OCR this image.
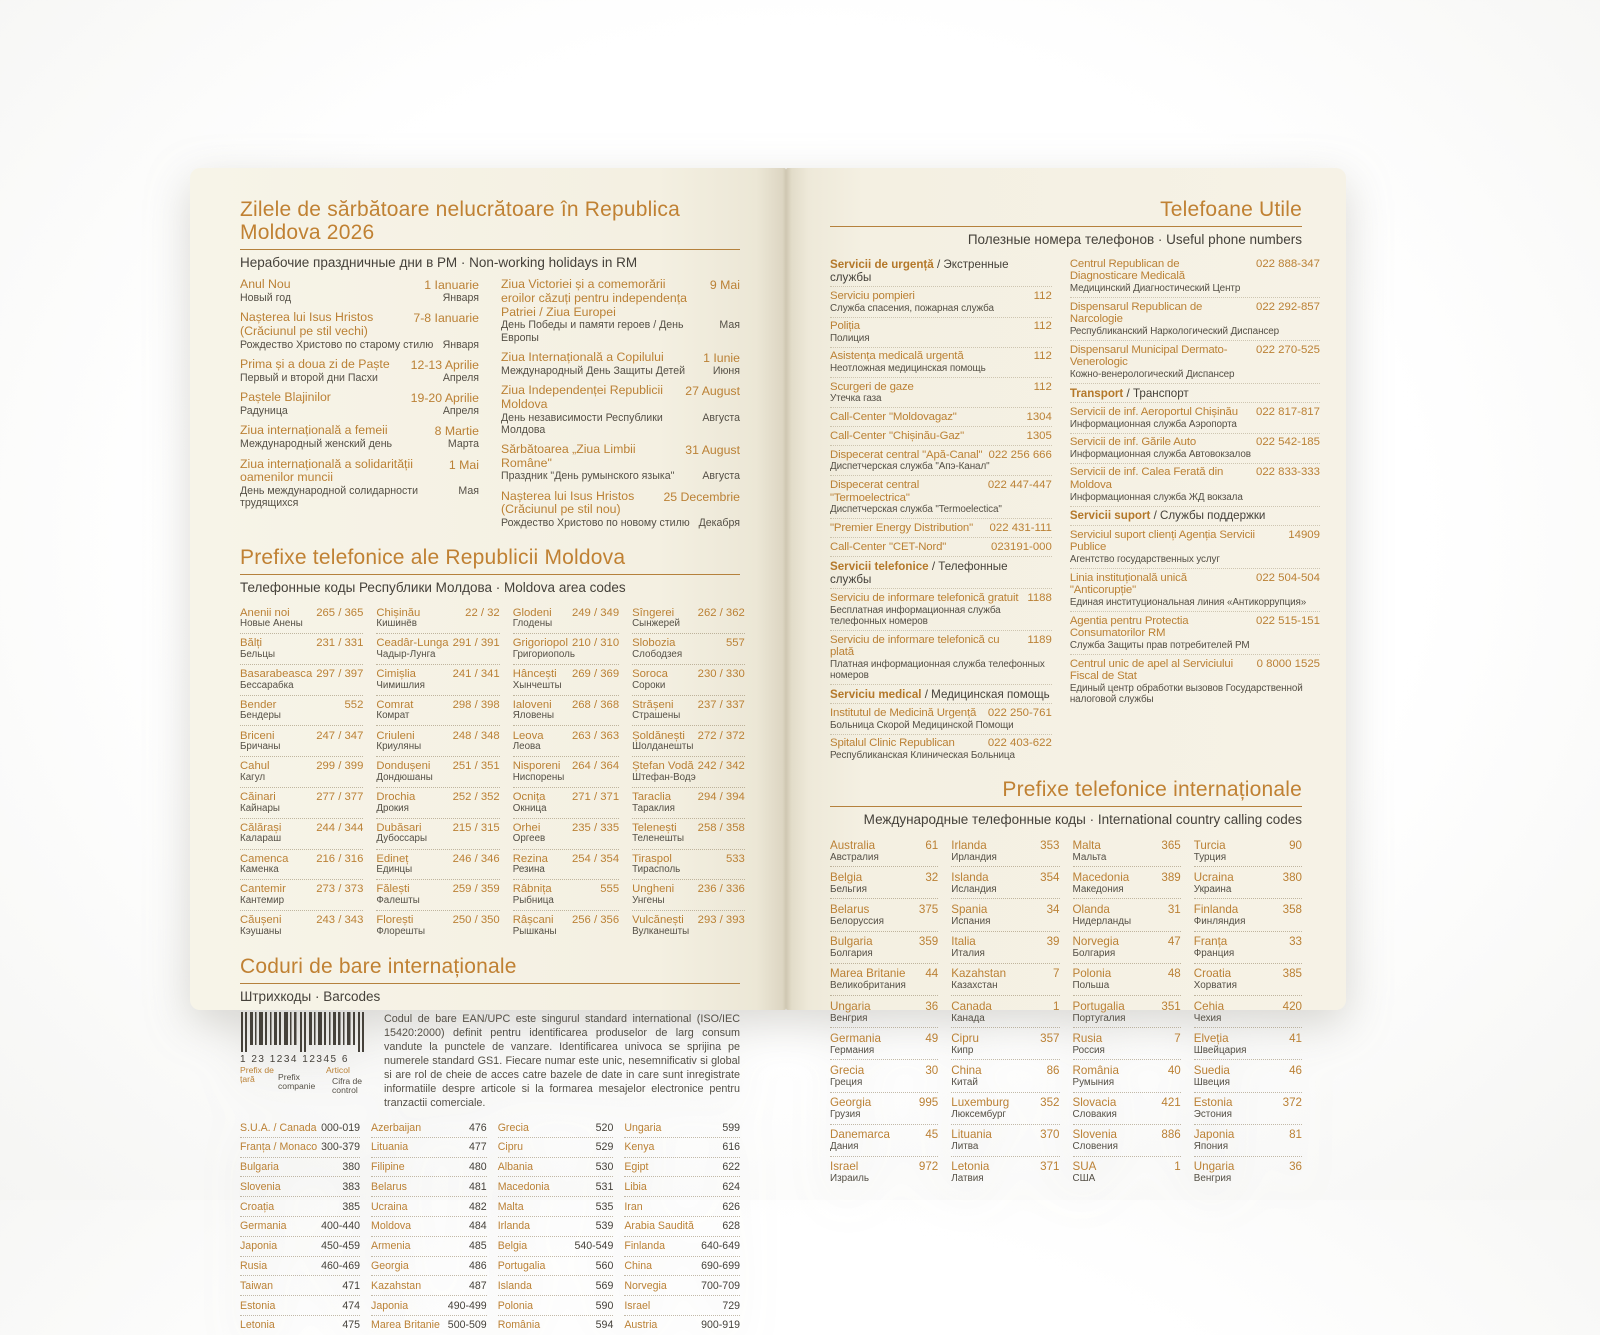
Zilele de sărbătoare nelucrătoare în Republica Moldova 2026
Нерабочие праздничные дни в РМ · Non-working holidays in RM
Anul Nou	1 Ianuarie
Новый год	Января
Nașterea lui Isus Hristos (Crăciunul pe stil vechi)
7-8 Ianuarie
Рождество Христово по старому стилю Января
Prima și a doua zi de Paște	12-13 Aprilie
Первый и второй дни Пасхи	Апреля
Paștele Blajinilor	19-20 Aprilie
Радуница	Апреля
Ziua internațională a femeii	8 Martie
Международный женский день	Марта
Ziua internațională a solidarității oamenilor muncii
1 Mai
День международной солидарности трудящихся
Мая
Ziua Victoriei și a comemorării eroilor căzuți pentru independența Patriei / Ziua Europei
9 Mai
День Победы и памяти героев / День Европы
Мая
Ziua Internațională a Copilului	1 Iunie
Международный День Защиты Детей	Июня
Ziua Independenței Republicii Moldova
27 August
День независимости Республики Молдова
Августа
Sărbătoarea „Ziua Limbii Române"
31 August
Праздник "День румынского языка"	Августа
Nașterea lui Isus Hristos (Crăciunul pe stil nou)
25 Decembrie
Рождество Христово по новому стилю Декабря
Prefixe telefonice ale Republicii Moldova
Телефонные коды Республики Молдова · Moldova area codes
Anenii noi	265 / 365
Новые Анены
Bălți	231 / 331
Бельцы
Basarabeasca 297 / 397
Бессарабка
Bender	552
Бендеры
Briceni	247 / 347
Бричаны
Cahul	299 / 399
Кагул
Căinari	277 / 377
Кайнары
Călărași	244 / 344
Калараш
Camenca	216 / 316
Каменка
Cantemir	273 / 373
Кантемир
Căușeni	243 / 343
Кэушаны
Chișinău	22 / 32
Кишинёв
Ceadâr-Lunga 291 / 391
Чадыр-Лунга
Cimișlia	241 / 341
Чимишлия
Comrat	298 / 398
Комрат
Criuleni	248 / 348
Криуляны
Dondușeni	251 / 351
Дондюшаны
Drochia	252 / 352
Дрокия
Dubăsari	215 / 315
Дубоссары
Edineț	246 / 346
Единцы
Fălești	259 / 359
Фалешты
Florești	250 / 350
Флорешты
Glodeni	249 / 349
Глодены
Grigoriopol 210 / 310
Григориополь
Hâncești	269 / 369
Хынчешты
Ialoveni	268 / 368
Яловены
Leova	263 / 363
Леова
Nisporeni	264 / 364
Ниспорены
Ocnița	271 / 371
Окница
Orhei	235 / 335
Оргеев
Rezina	254 / 354
Резина
Râbnița	555
Рыбница
Râșcani	256 / 356
Рышканы
Sîngerei	262 / 362
Сынжерей
Slobozia	557
Слободзея
Soroca	230 / 330
Сороки
Strășeni	237 / 337
Страшены
Șoldănești	272 / 372
Шолданешты
Ștefan Vodă 242 / 342
Штефан-Водэ
Taraclia	294 / 394
Тараклия
Telenești	258 / 358
Теленешты
Tiraspol	533
Тирасполь
Ungheni	236 / 336
Унгены
Vulcănești	293 / 393
Вулканешты
Coduri de bare internaționale
Штрихкоды · Barcodes
1 23 1234 12345 6
Prefix de țară	Prefix companie
Articol
Cifra de control
Codul de bare EAN/UPC este singurul standard international (ISO/IEC 15420:2000) definit pentru identificarea produselor de larg consum vandute la punctele de vanzare. Identificarea univoca se sprijina pe numerele standard GS1. Fiecare numar este unic, nesemnificativ si global si are rol de cheie de acces catre bazele de date in care sunt inregistrate informatiile despre articole si la formarea mesajelor electronice pentru tranzactii comerciale.
S.U.A. / Canada 000-019
Franța / Monaco 300-379
Bulgaria	380
Slovenia	383
Croația	385
Germania	400-440
Japonia	450-459
Rusia	460-469
Taiwan	471
Estonia	474
Letonia	475
Azerbaijan	476
Lituania	477
Filipine	480
Belarus	481
Ucraina	482
Moldova	484
Armenia	485
Georgia	486
Kazahstan	487
Japonia	490-499
Marea Britanie 500-509
Grecia	520
Cipru	529
Albania	530
Macedonia	531
Malta	535
Irlanda	539
Belgia	540-549
Portugalia	560
Islanda	569
Polonia	590
România	594
Ungaria	599
Kenya	616
Egipt	622
Libia	624
Iran	626
Arabia Saudită	628
Finlanda	640-649
China	690-699
Norvegia	700-709
Israel	729
Austria	900-919
Telefoane Utile
Полезные номера телефонов · Useful phone numbers
Servicii de urgență / Экстренные службы
Serviciu pompieri	112
Служба спасения, пожарная служба
Poliția	112
Полиция
Asistența medicală urgentă	112
Неотложная медицинская помощь
Scurgeri de gaze	112
Утечка газа
Call-Center "Moldovagaz"	1304
Call-Center "Chișinău-Gaz"	1305
Dispecerat central "Apă-Canal" 022 256 666
Диспетчерская служба "Апэ-Канал"
Dispecerat central "Termoelectrica"
022 447-447
Диспетчерская служба "Termoelectica"
"Premier Energy Distribution"	022 431-111
Call-Center "CET-Nord"	023191-000
Servicii telefonice / Телефонные службы
Serviciu de informare telefonică gratuit 1188
Бесплатная информационная служба телефонных номеров
Serviciu de informare telefonică cu plată
1189
Платная информационная служба телефонных номеров
Serviciu medical / Медицинская помощь
Institutul de Medicină Urgență	022 250-761
Больница Скорой Медицинской Помощи
Spitalul Clinic Republican	022 403-622
Республиканская Клиническая Больница
Centrul Republican de Diagnosticare Medicală
022 888-347
Медицинский Диагностический Центр
Dispensarul Republican de Narcologie
022 292-857
Республиканский Наркологический Диспансер
Dispensarul Municipal Dermato-Venerologic
022 270-525
Кожно-венерологический Диспансер
Transport / Транспорт
Servicii de inf. Aeroportul Chișinău	022 817-817
Информационная служба Аэропорта
Servicii de inf. Gările Auto	022 542-185
Информационная служба Автовокзалов
Servicii de inf. Calea Ferată din Moldova
022 833-333
Информационная служба ЖД вокзала
Servicii suport / Службы поддержки
Serviciul suport clienți Agenția Servicii Publice
14909
Агентство государственных услуг
Linia instituțională unică "Anticorupție"
022 504-504
Единая институциональная линия «Антикоррупция»
Agentia pentru Protectia Consumatorilor RM
022 515-151
Служба Защиты прав потребителей РМ
Centrul unic de apel al Serviciului Fiscal de Stat
0 8000 1525
Единый центр обработки вызовов Государственной налоговой службы
Prefixe telefonice internaționale
Международные телефонные коды · International country calling codes
Australia	61
Австралия
Belgia	32
Бельгия
Belarus	375
Белоруссия
Bulgaria	359
Болгария
Marea Britanie	44
Великобритания
Ungaria	36
Венгрия
Germania	49
Германия
Grecia	30
Греция
Georgia	995
Грузия
Danemarca	45
Дания
Israel	972
Израиль
Irlanda	353
Ирландия
Islanda	354
Исландия
Spania	34
Испания
Italia	39
Италия
Kazahstan	7
Казахстан
Canada	1
Канада
Cipru	357
Кипр
China	86
Китай
Luxemburg	352
Люксембург
Lituania	370
Литва
Letonia	371
Латвия
Malta	365
Мальта
Macedonia	389
Македония
Olanda	31
Нидерланды
Norvegia	47
Болгария
Polonia	48
Польша
Portugalia	351
Португалия
Rusia	7
Россия
România	40
Румыния
Slovacia	421
Словакия
Slovenia	886
Словения
SUA	1
США
Turcia	90
Турция
Ucraina	380
Украина
Finlanda	358
Финляндия
Franța	33
Франция
Croatia	385
Хорватия
Cehia	420
Чехия
Elveția	41
Швейцария
Suedia	46
Швеция
Estonia	372
Эстония
Japonia	81
Япония
Ungaria	36
Венгрия
